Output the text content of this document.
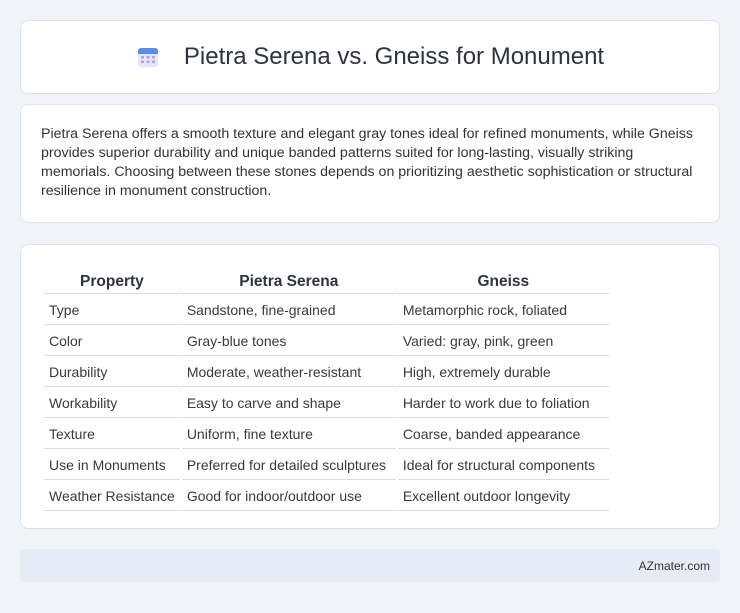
Pietra Serena vs. Gneiss for Monument

Pietra Serena offers a smooth texture and elegant gray tones ideal for refined monuments, while Gneiss provides superior durability and unique banded patterns suited for long-lasting, visually striking memorials. Choosing between these stones depends on prioritizing aesthetic sophistication or structural resilience in monument construction.

Property	Pietra Serena	Gneiss
Type	Sandstone, fine-grained	Metamorphic rock, foliated
Color	Gray-blue tones	Varied: gray, pink, green
Durability	Moderate, weather-resistant	High, extremely durable
Workability	Easy to carve and shape	Harder to work due to foliation
Texture	Uniform, fine texture	Coarse, banded appearance
Use in Monuments	Preferred for detailed sculptures	Ideal for structural components
Weather Resistance	Good for indoor/outdoor use	Excellent outdoor longevity
AZmater.com
